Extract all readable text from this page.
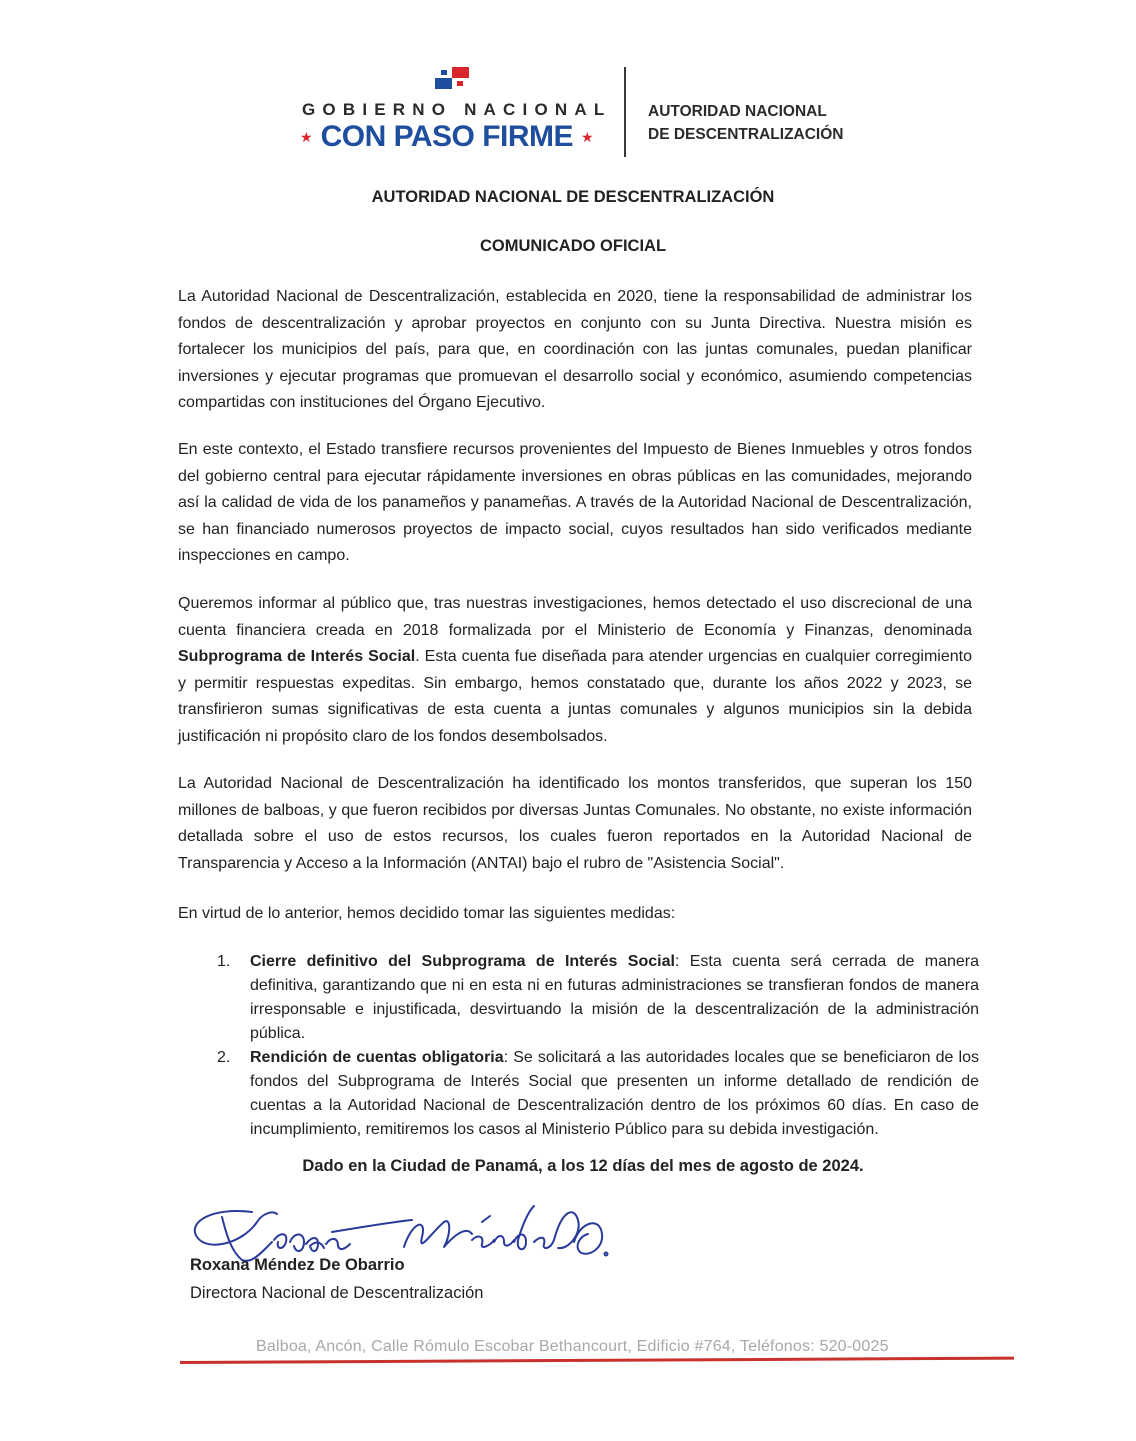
GOBIERNO NACIONAL
★ CON PASO FIRME ★
AUTORIDAD NACIONAL
DE DESCENTRALIZACIÓN
AUTORIDAD NACIONAL DE DESCENTRALIZACIÓN
COMUNICADO OFICIAL
La Autoridad Nacional de Descentralización, establecida en 2020, tiene la responsabilidad de administrar los fondos de descentralización y aprobar proyectos en conjunto con su Junta Directiva. Nuestra misión es fortalecer los municipios del país, para que, en coordinación con las juntas comunales, puedan planificar inversiones y ejecutar programas que promuevan el desarrollo social y económico, asumiendo competencias compartidas con instituciones del Órgano Ejecutivo.
En este contexto, el Estado transfiere recursos provenientes del Impuesto de Bienes Inmuebles y otros fondos del gobierno central para ejecutar rápidamente inversiones en obras públicas en las comunidades, mejorando así la calidad de vida de los panameños y panameñas. A través de la Autoridad Nacional de Descentralización, se han financiado numerosos proyectos de impacto social, cuyos resultados han sido verificados mediante inspecciones en campo.
Queremos informar al público que, tras nuestras investigaciones, hemos detectado el uso discrecional de una cuenta financiera creada en 2018 formalizada por el Ministerio de Economía y Finanzas, denominada Subprograma de Interés Social. Esta cuenta fue diseñada para atender urgencias en cualquier corregimiento y permitir respuestas expeditas. Sin embargo, hemos constatado que, durante los años 2022 y 2023, se transfirieron sumas significativas de esta cuenta a juntas comunales y algunos municipios sin la debida justificación ni propósito claro de los fondos desembolsados.
La Autoridad Nacional de Descentralización ha identificado los montos transferidos, que superan los 150 millones de balboas, y que fueron recibidos por diversas Juntas Comunales. No obstante, no existe información detallada sobre el uso de estos recursos, los cuales fueron reportados en la Autoridad Nacional de Transparencia y Acceso a la Información (ANTAI) bajo el rubro de "Asistencia Social".
En virtud de lo anterior, hemos decidido tomar las siguientes medidas:
1.	Cierre definitivo del Subprograma de Interés Social: Esta cuenta será cerrada de manera definitiva, garantizando que ni en esta ni en futuras administraciones se transfieran fondos de manera irresponsable e injustificada, desvirtuando la misión de la descentralización de la administración pública.
2.	Rendición de cuentas obligatoria: Se solicitará a las autoridades locales que se beneficiaron de los fondos del Subprograma de Interés Social que presenten un informe detallado de rendición de cuentas a la Autoridad Nacional de Descentralización dentro de los próximos 60 días. En caso de incumplimiento, remitiremos los casos al Ministerio Público para su debida investigación.
Dado en la Ciudad de Panamá, a los 12 días del mes de agosto de 2024.
Roxana Méndez De Obarrio
Directora Nacional de Descentralización
Balboa, Ancón, Calle Rómulo Escobar Bethancourt, Edificio #764, Teléfonos: 520-0025
